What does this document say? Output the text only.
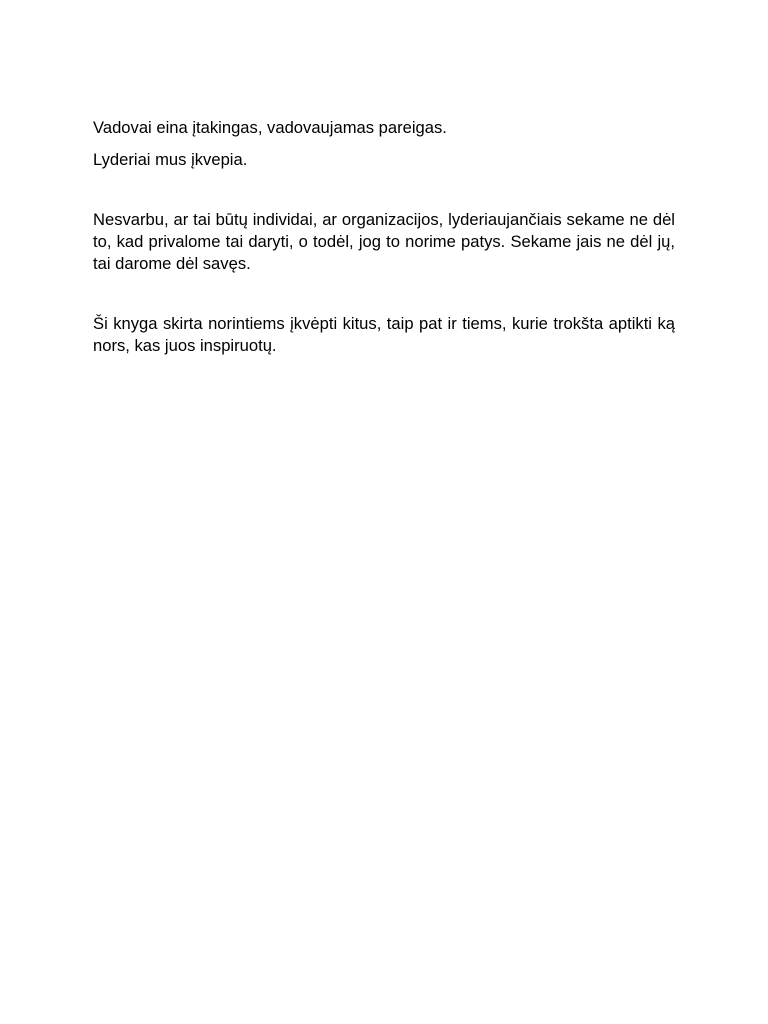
Vadovai eina įtakingas, vadovaujamas pareigas.

Lyderiai mus įkvepia.

Nesvarbu, ar tai būtų individai, ar organizacijos, lyderiaujančiais sekame ne dėl to, kad privalome tai daryti, o todėl, jog to norime patys. Sekame jais ne dėl jų, tai darome dėl savęs.

Ši knyga skirta norintiems įkvėpti kitus, taip pat ir tiems, kurie trokšta aptikti ką nors, kas juos inspiruotų.
